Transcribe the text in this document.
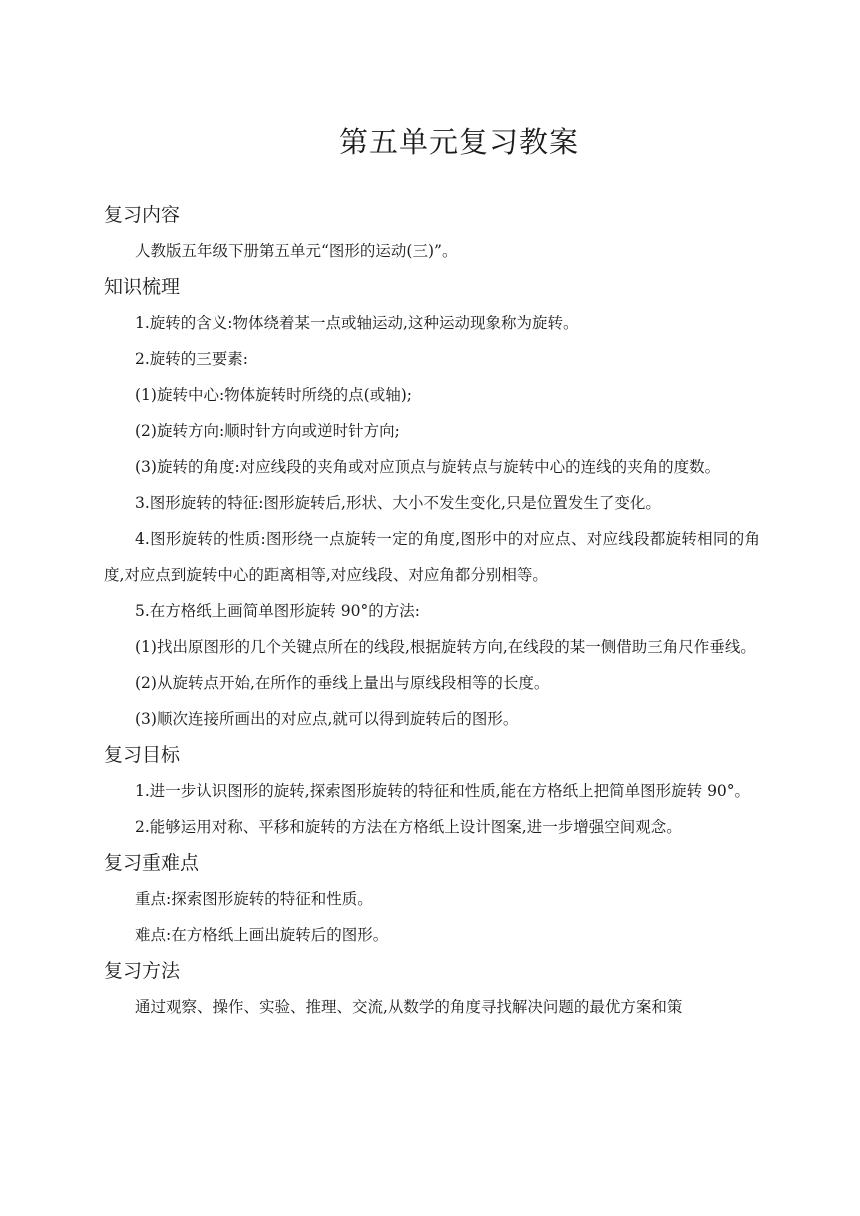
第五单元复习教案
复习内容

人教版五年级下册第五单元“图形的运动(三)”。

知识梳理

1.旋转的含义:物体绕着某一点或轴运动,这种运动现象称为旋转。

2.旋转的三要素:

(1)旋转中心:物体旋转时所绕的点(或轴);

(2)旋转方向:顺时针方向或逆时针方向;

(3)旋转的角度:对应线段的夹角或对应顶点与旋转点与旋转中心的连线的夹角的度数。

3.图形旋转的特征:图形旋转后,形状、大小不发生变化,只是位置发生了变化。

4.图形旋转的性质:图形绕一点旋转一定的角度,图形中的对应点、对应线段都旋转相同的角度,对应点到旋转中心的距离相等,对应线段、对应角都分别相等。

5.在方格纸上画简单图形旋转 90°的方法:

(1)找出原图形的几个关键点所在的线段,根据旋转方向,在线段的某一侧借助三角尺作垂线。

(2)从旋转点开始,在所作的垂线上量出与原线段相等的长度。

(3)顺次连接所画出的对应点,就可以得到旋转后的图形。

复习目标

1.进一步认识图形的旋转,探索图形旋转的特征和性质,能在方格纸上把简单图形旋转 90°。

2.能够运用对称、平移和旋转的方法在方格纸上设计图案,进一步增强空间观念。

复习重难点

重点:探索图形旋转的特征和性质。

难点:在方格纸上画出旋转后的图形。

复习方法

通过观察、操作、实验、推理、交流,从数学的角度寻找解决问题的最优方案和策
